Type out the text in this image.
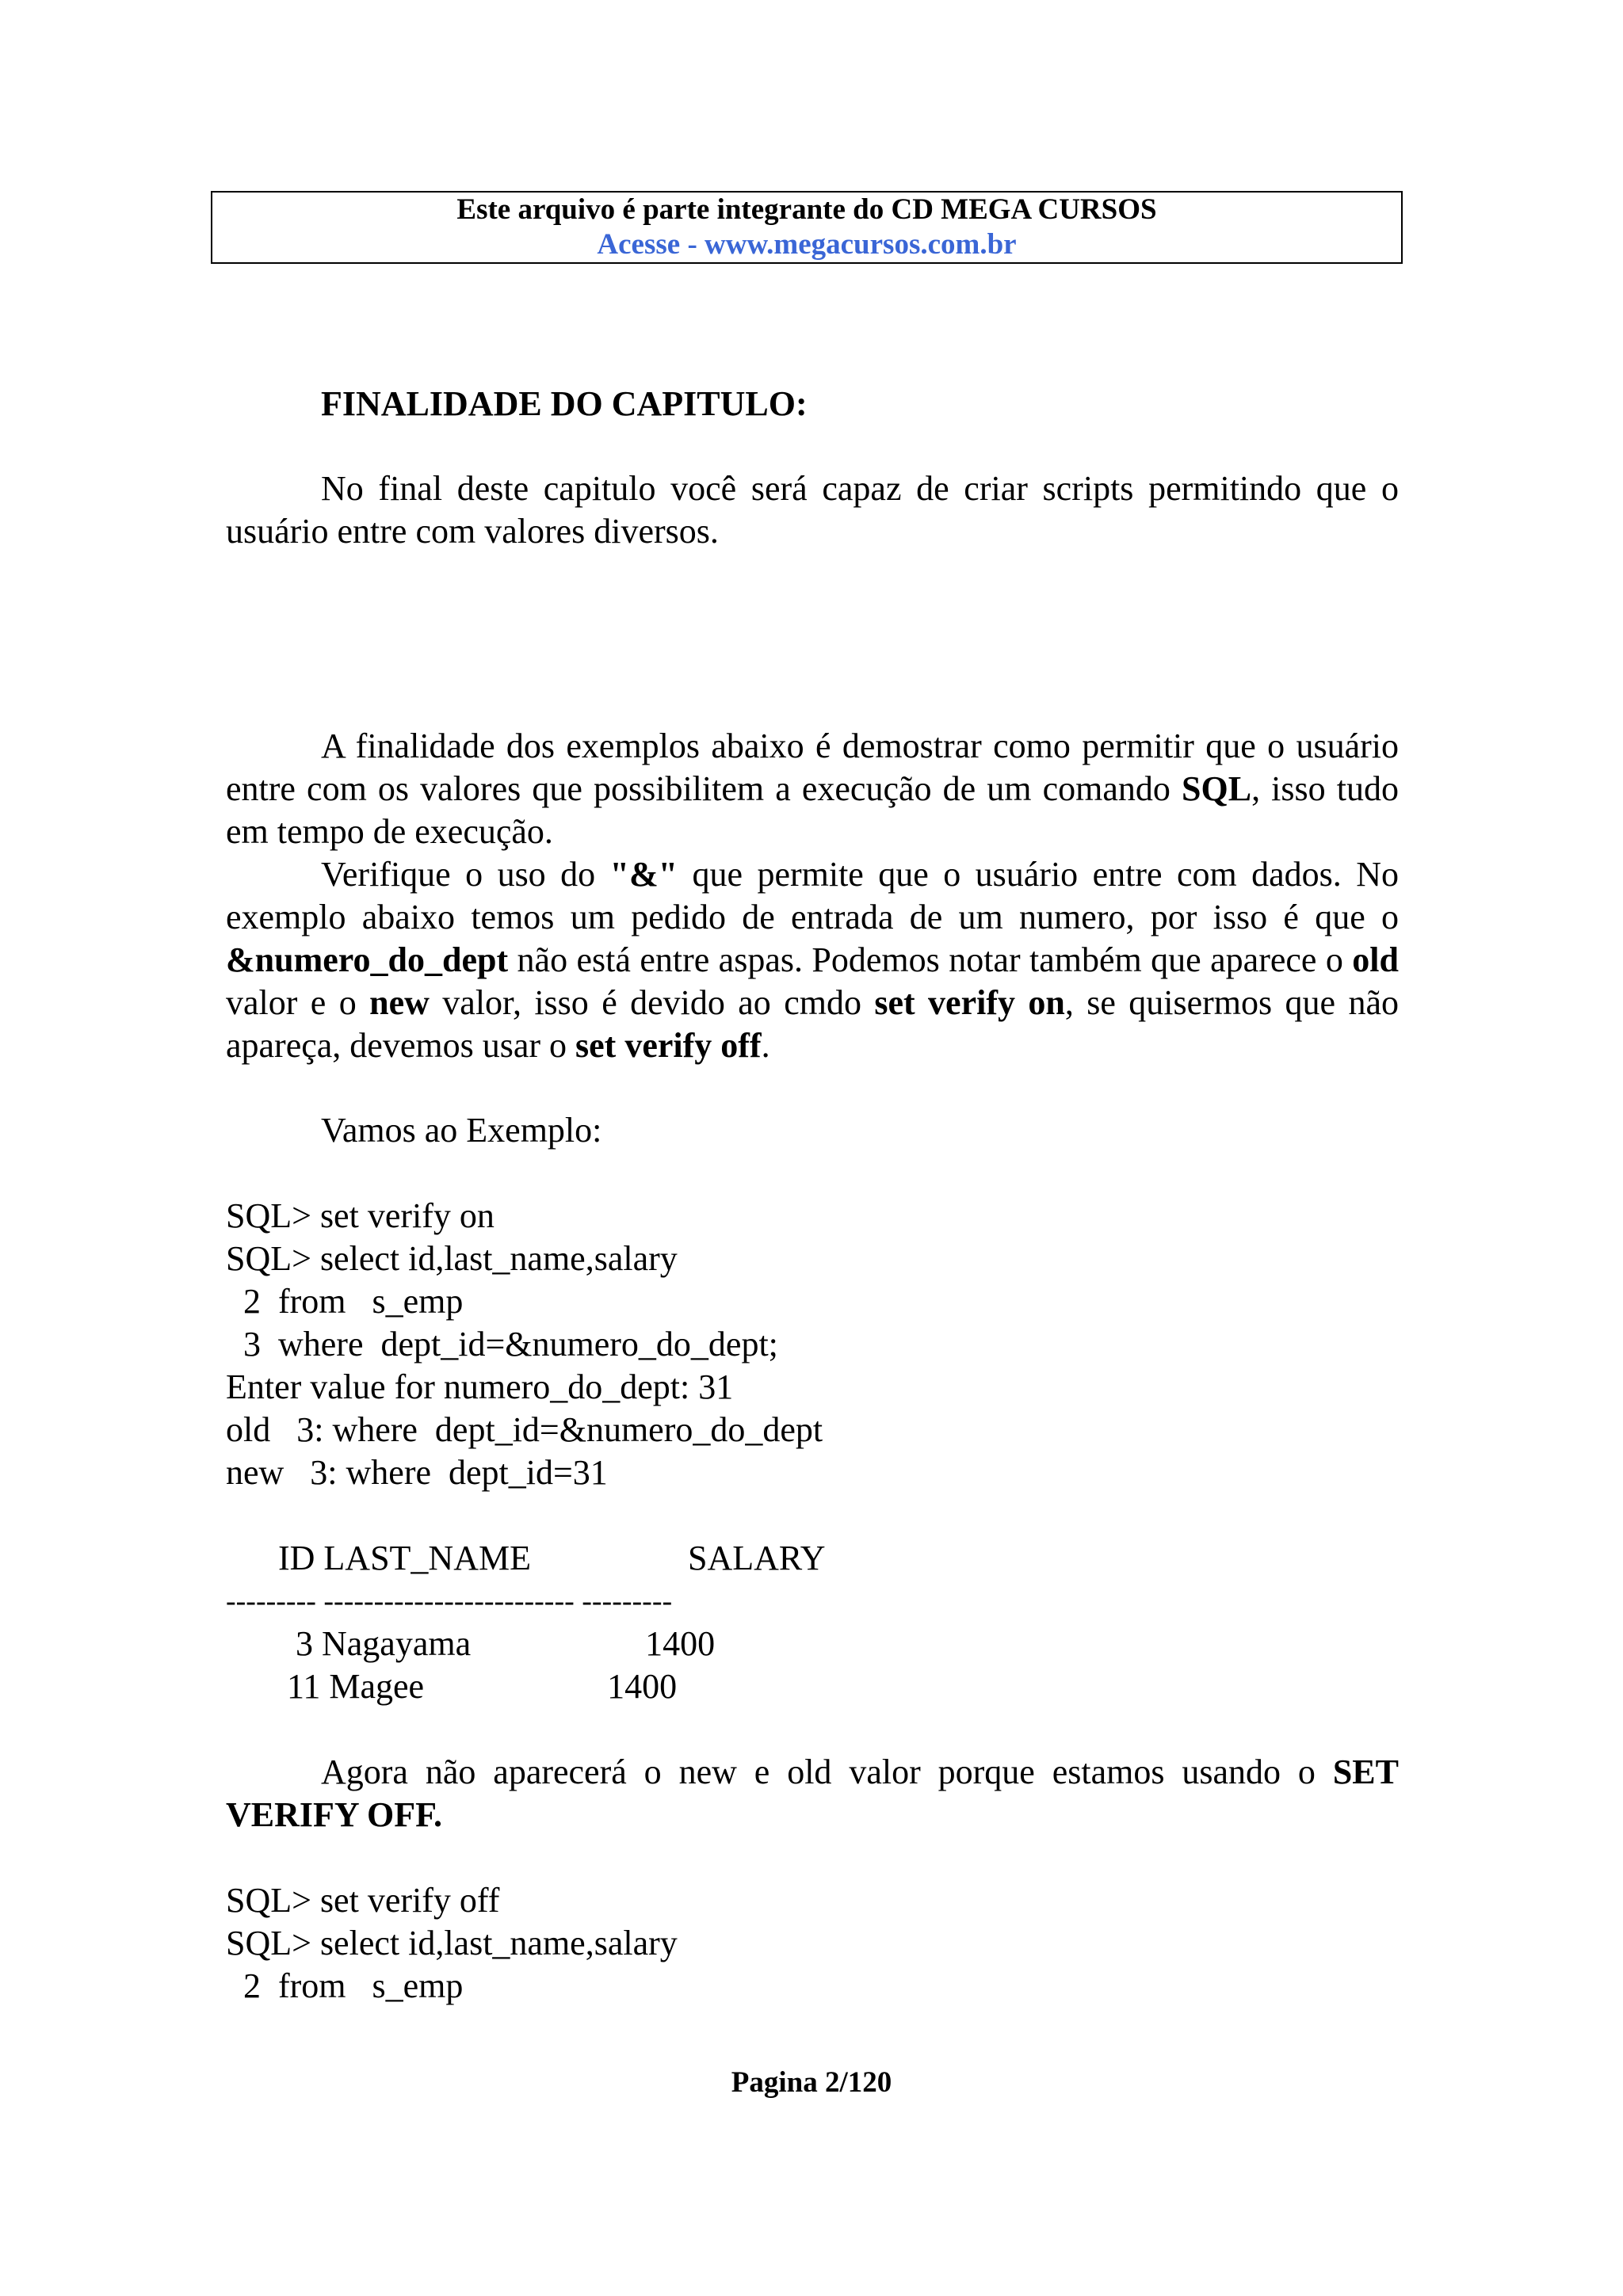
Este arquivo é parte integrante do CD MEGA CURSOS
Acesse - www.megacursos.com.br
FINALIDADE DO CAPITULO:
No final deste capitulo você será capaz de criar scripts permitindo que o usuário entre com valores diversos.
A finalidade dos exemplos abaixo é demostrar como permitir que o usuário entre com os valores que possibilitem a execução de um comando SQL, isso tudo em tempo de execução.
Verifique o uso do "&" que permite que o usuário entre com dados. No exemplo abaixo temos um pedido de entrada de um numero, por isso é que o &numero_do_dept não está entre aspas. Podemos notar também que aparece o old valor e o new valor, isso é devido ao cmdo set verify on, se quisermos que não apareça, devemos usar o set verify off.
Vamos ao Exemplo:
SQL> set verify on
SQL> select id,last_name,salary
2  from   s_emp
3  where  dept_id=&numero_do_dept;
Enter value for numero_do_dept: 31
old   3: where  dept_id=&numero_do_dept
new   3: where  dept_id=31
ID LAST_NAME                  SALARY
--------- ------------------------- ---------
3 Nagayama                    1400
11 Magee                     1400
Agora não aparecerá o new e old valor porque estamos usando o SET VERIFY OFF.
SQL> set verify off
SQL> select id,last_name,salary
2  from   s_emp
Pagina 2/120
